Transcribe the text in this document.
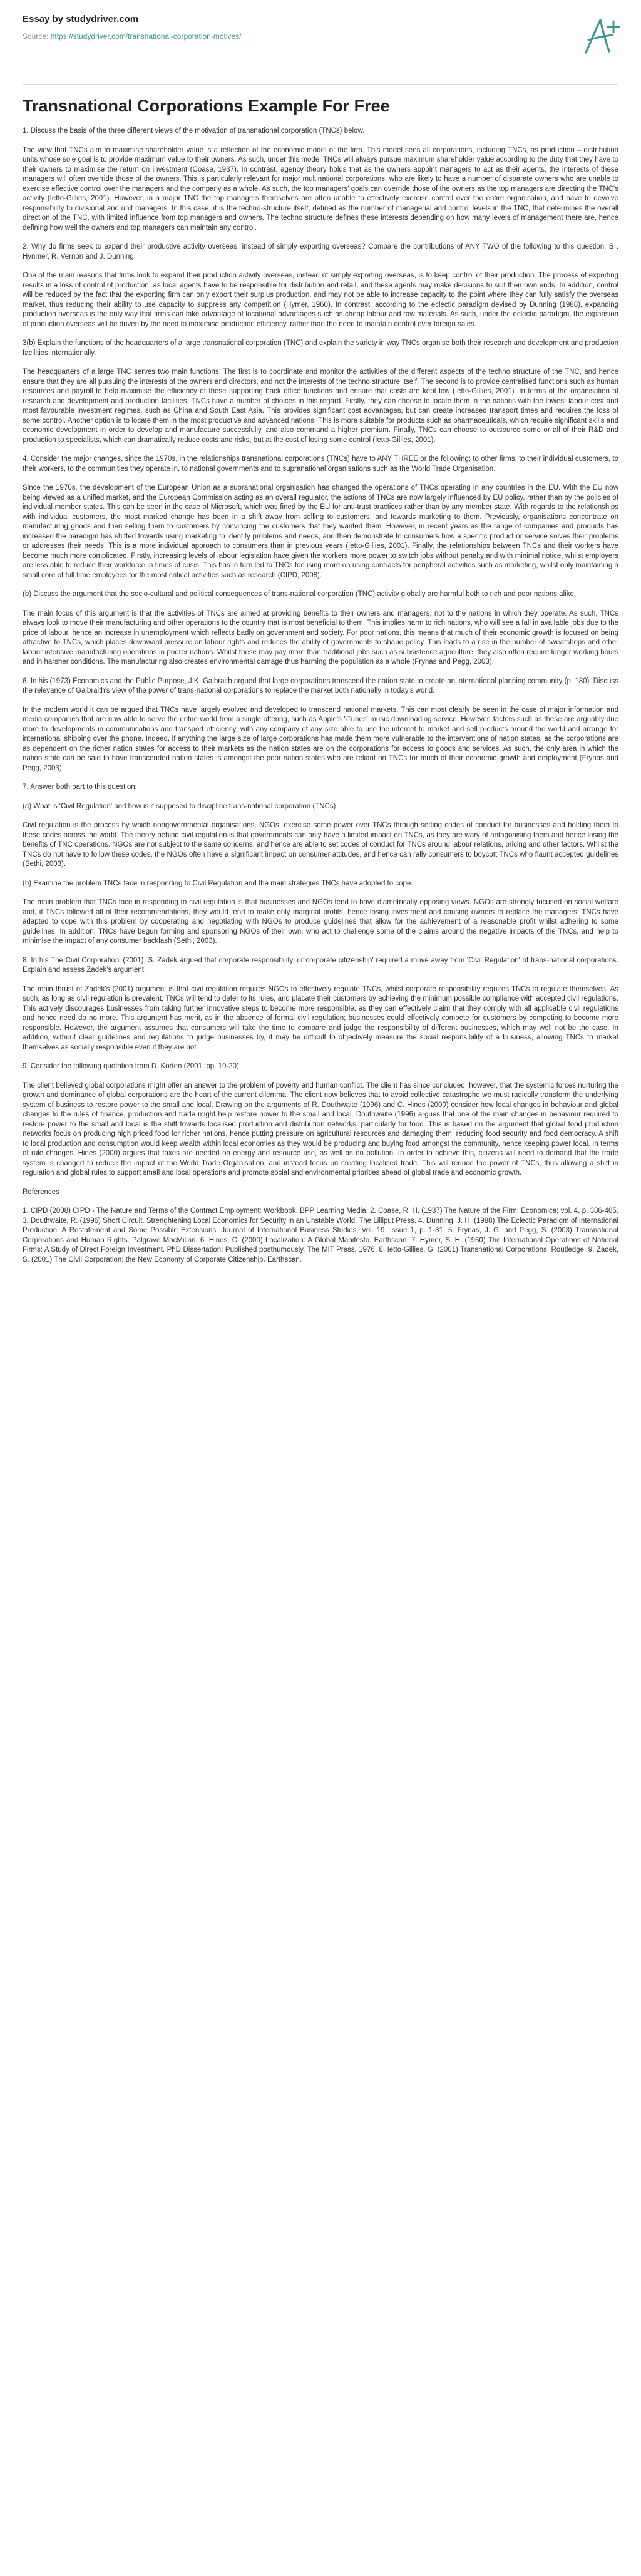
Essay by studydriver.com
Source: https://studydriver.com/transnational-corporation-motives/
Transnational Corporations Example For Free

1. Discuss the basis of the three different views of the motivation of transnational corporation (TNCs) below.

The view that TNCs aim to maximise shareholder value is a reflection of the economic model of the firm. This model sees all corporations, including TNCs, as production – distribution units whose sole goal is to provide maximum value to their owners. As such, under this model TNCs will always pursue maximum shareholder value according to the duty that they have to their owners to maximise the return on investment (Coase, 1937). In contrast, agency theory holds that as the owners appoint managers to act as their agents, the interests of these managers will often override those of the owners. This is particularly relevant for major multinational corporations, who are likely to have a number of disparate owners who are unable to exercise effective control over the managers and the company as a whole. As such, the top managers' goals can override those of the owners as the top managers are directing the TNC's activity (Ietto-Gillies, 2001). However, in a major TNC the top managers themselves are often unable to effectively exercise control over the entire organisation, and have to devolve responsibility to divisional and unit managers. In this case, it is the techno-structure itself, defined as the number of managerial and control levels in the TNC, that determines the overall direction of the TNC, with limited influence from top managers and owners. The techno structure defines these interests depending on how many levels of management there are, hence defining how well the owners and top managers can maintain any control.

2. Why do firms seek to expand their productive activity overseas, instead of simply exporting overseas? Compare the contributions of ANY TWO of the following to this question. S . Hynmer, R. Vernon and J. Dunning.

One of the main reasons that firms look to expand their production activity overseas, instead of simply exporting overseas, is to keep control of their production. The process of exporting results in a loss of control of production, as local agents have to be responsible for distribution and retail, and these agents may make decisions to suit their own ends. In addition, control will be reduced by the fact that the exporting firm can only export their surplus production, and may not be able to increase capacity to the point where they can fully satisfy the overseas market, thus reducing their ability to use capacity to suppress any competition (Hymer, 1960). In contrast, according to the eclectic paradigm devised by Dunning (1988), expanding production overseas is the only way that firms can take advantage of locational advantages such as cheap labour and raw materials. As such, under the eclectic paradigm, the expansion of production overseas will be driven by the need to maximise production efficiency, rather than the need to maintain control over foreign sales.

3(b) Explain the functions of the headquarters of a large transnational corporation (TNC) and explain the variety in way TNCs organise both their research and development and production facilities internationally.

The headquarters of a large TNC serves two main functions. The first is to coordinate and monitor the activities of the different aspects of the techno structure of the TNC, and hence ensure that they are all pursuing the interests of the owners and directors, and not the interests of the techno structure itself. The second is to provide centralised functions such as human resources and payroll to help maximise the efficiency of these supporting back office functions and ensure that costs are kept low (Ietto-Gillies, 2001). In terms of the organisation of research and development and production facilities, TNCs have a number of choices in this regard. Firstly, they can choose to locate them in the nations with the lowest labour cost and most favourable investment regimes, such as China and South East Asia. This provides significant cost advantages, but can create increased transport times and requires the loss of some control. Another option is to locate them in the most productive and advanced nations. This is more suitable for products such as pharmaceuticals, which require significant skills and economic development in order to develop and manufacture successfully, and also command a higher premium. Finally, TNCs can choose to outsource some or all of their R&D and production to specialists, which can dramatically reduce costs and risks, but at the cost of losing some control (Ietto-Gillies, 2001).

4. Consider the major changes, since the 1970s, in the relationships transnational corporations (TNCs) have to ANY THREE or the following; to other firms, to their individual customers, to their workers, to the communities they operate in, to national governments and to supranational organisations such as the World Trade Organisation.

Since the 1970s, the development of the European Union as a supranational organisation has changed the operations of TNCs operating in any countries in the EU. With the EU now being viewed as a unified market, and the European Commission acting as an overall regulator, the actions of TNCs are now largely influenced by EU policy, rather than by the policies of individual member states. This can be seen in the case of Microsoft, which was fined by the EU for anti-trust practices rather than by any member state. With regards to the relationships with individual customers, the most marked change has been in a shift away from selling to customers, and towards marketing to them. Previously, organisations concentrate on manufacturing goods and then selling them to customers by convincing the customers that they wanted them. However, in recent years as the range of companies and products has increased the paradigm has shifted towards using marketing to identify problems and needs, and then demonstrate to consumers how a specific product or service solves their problems or addresses their needs. This is a more individual approach to consumers than in previous years (Ietto-Gillies, 2001). Finally, the relationships between TNCs and their workers have become much more complicated. Firstly, increasing levels of labour legislation have given the workers more power to switch jobs without penalty and with minimal notice, whilst employers are less able to reduce their workforce in times of crisis. This has in turn led to TNCs focusing more on using contracts for peripheral activities such as marketing, whilst only maintaining a small core of full time employees for the most critical activities such as research (CIPD, 2008).

(b) Discuss the argument that the socio-cultural and political consequences of trans-national corporation (TNC) activity globally are harmful both to rich and poor nations alike.

The main focus of this argument is that the activities of TNCs are aimed at providing benefits to their owners and managers, not to the nations in which they operate. As such, TNCs always look to move their manufacturing and other operations to the country that is most beneficial to them. This implies harm to rich nations, who will see a fall in available jobs due to the price of labour, hence an increase in unemployment which reflects badly on government and society. For poor nations, this means that much of their economic growth is focused on being attractive to TNCs, which places downward pressure on labour rights and reduces the ability of governments to shape policy. This leads to a rise in the number of sweatshops and other labour intensive manufacturing operations in poorer nations. Whilst these may pay more than traditional jobs such as subsistence agriculture, they also often require longer working hours and in harsher conditions. The manufacturing also creates environmental damage thus harming the population as a whole (Frynas and Pegg, 2003).

6. In his (1973) Economics and the Public Purpose, J.K. Galbraith argued that large corporations transcend the nation state to create an international planning community (p. 180). Discuss the relevance of Galbraith's view of the power of trans-national corporations to replace the market both nationally in today's world.

In the modern world it can be argued that TNCs have largely evolved and developed to transcend national markets. This can most clearly be seen in the case of major information and media companies that are now able to serve the entire world from a single offering, such as Apple's 'iTunes' music downloading service. However, factors such as these are arguably due more to developments in communications and transport efficiency, with any company of any size able to use the internet to market and sell products around the world and arrange for international shipping over the phone. Indeed, if anything the large size of large corporations has made them more vulnerable to the interventions of nation states, as the corporations are as dependent on the richer nation states for access to their markets as the nation states are on the corporations for access to goods and services. As such, the only area in which the nation state can be said to have transcended nation states is amongst the poor nation states who are reliant on TNCs for much of their economic growth and employment (Frynas and Pegg, 2003).

7. Answer both part to this question:

(a) What is 'Civil Regulation' and how is it supposed to discipline trans-national corporation (TNCs)

Civil regulation is the process by which nongovernmental organisations, NGOs, exercise some power over TNCs through setting codes of conduct for businesses and holding them to these codes across the world. The theory behind civil regulation is that governments can only have a limited impact on TNCs, as they are wary of antagonising them and hence losing the benefits of TNC operations. NGOs are not subject to the same concerns, and hence are able to set codes of conduct for TNCs around labour relations, pricing and other factors. Whilst the TNCs do not have to follow these codes, the NGOs often have a significant impact on consumer attitudes, and hence can rally consumers to boycott TNCs who flaunt accepted guidelines (Sethi, 2003).

(b) Examine the problem TNCs face in responding to Civil Regulation and the main strategies TNCs have adopted to cope.

The main problem that TNCs face in responding to civil regulation is that businesses and NGOs tend to have diametrically opposing views. NGOs are strongly focused on social welfare and, if TNCs followed all of their recommendations, they would tend to make only marginal profits, hence losing investment and causing owners to replace the managers. TNCs have adapted to cope with this problem by cooperating and negotiating with NGOs to produce guidelines that allow for the achievement of a reasonable profit whilst adhering to some guidelines. In addition, TNCs have begun forming and sponsoring NGOs of their own, who act to challenge some of the claims around the negative impacts of the TNCs, and help to minimise the impact of any consumer backlash (Sethi, 2003).

8. In his The Civil Corporation' (2001), S. Zadek argued that corporate responsibility' or corporate citizenship' required a move away from 'Civil Regulation' of trans-national corporations. Explain and assess Zadek's argument.

The main thrust of Zadek's (2001) argument is that civil regulation requires NGOs to effectively regulate TNCs, whilst corporate responsibility requires TNCs to regulate themselves. As such, as long as civil regulation is prevalent, TNCs will tend to defer to its rules, and placate their customers by achieving the minimum possible compliance with accepted civil regulations. This actively discourages businesses from taking further innovative steps to become more responsible, as they can effectively claim that they comply with all applicable civil regulations and hence need do no more. This argument has merit, as in the absence of formal civil regulation; businesses could effectively compete for customers by competing to become more responsible. However, the argument assumes that consumers will take the time to compare and judge the responsibility of different businesses, which may well not be the case. In addition, without clear guidelines and regulations to judge businesses by, it may be difficult to objectively measure the social responsibility of a business, allowing TNCs to market themselves as socially responsible even if they are not.

9. Consider the following quotation from D. Korten (2001 :pp. 19-20)

The client believed global corporations might offer an answer to the problem of poverty and human conflict. The client has since concluded, however, that the systemic forces nurturing the growth and dominance of global corporations are the heart of the current dilemma. The client now believes that to avoid collective catastrophe we must radically transform the underlying system of business to restore power to the small and local. Drawing on the arguments of R. Douthwaite (1996) and C. Hines (2000) consider how local changes in behaviour and global changes to the rules of finance, production and trade might help restore power to the small and local. Douthwaite (1996) argues that one of the main changes in behaviour required to restore power to the small and local is the shift towards localised production and distribution networks, particularly for food. This is based on the argument that global food production networks focus on producing high priced food for richer nations, hence putting pressure on agricultural resources and damaging them, reducing food security and food democracy. A shift to local production and consumption would keep wealth within local economies as they would be producing and buying food amongst the community, hence keeping power local. In terms of rule changes, Hines (2000) argues that taxes are needed on energy and resource use, as well as on pollution. In order to achieve this, citizens will need to demand that the trade system is changed to reduce the impact of the World Trade Organisation, and instead focus on creating localised trade. This will reduce the power of TNCs, thus allowing a shift in regulation and global rules to support small and local operations and promote social and environmental priorities ahead of global trade and economic growth.

References

1. CIPD (2008) CIPD - The Nature and Terms of the Contract Employment: Workbook. BPP Learning Media. 2. Coase, R. H. (1937) The Nature of the Firm. Economica; vol. 4, p. 386-405. 3. Douthwaite, R. (1996) Short Circuit. Strenghtening Local Economics for Security in an Unstable World. The Lilliput Press. 4. Dunning, J. H. (1988) The Eclectic Paradigm of International Production: A Restatement and Some Possible Extensions. Journal of International Business Studies; Vol. 19, Issue 1, p. 1-31. 5. Frynas, J. G. and Pegg, S. (2003) Transnational Corporations and Human Rights. Palgrave MacMillan. 6. Hines, C. (2000) Localization: A Global Manifesto. Earthscan. 7. Hymer, S. H. (1960) The International Operations of National Firms: A Study of Direct Foreign Investment. PhD Dissertation: Published posthumously. The MIT Press, 1976. 8. Ietto-Gillies, G. (2001) Transnational Corporations. Routledge. 9. Zadek, S. (2001) The Civil Corporation: the New Economy of Corporate Citizenship. Earthscan.
